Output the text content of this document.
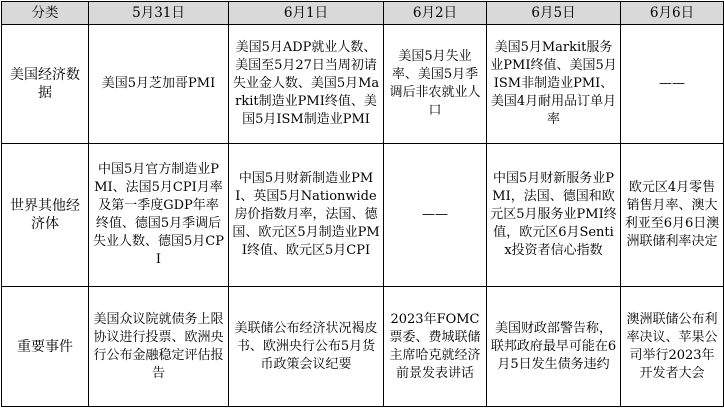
分类	5月31日	6月1日	6月2日	6月5日	6月6日
美国经济数据	美国5月芝加哥PMI	美国5月ADP就业人数、美国至5月27日当周初请失业金人数、美国5月Markit制造业PMI终值、美国5月ISM制造业PMI	美国5月失业率、美国5月季调后非农就业人口	美国5月Markit服务业PMI终值、美国5月ISM非制造业PMI、美国4月耐用品订单月率	——
世界其他经济体	中国5月官方制造业PMI、法国5月CPI月率及第一季度GDP年率终值、德国5月季调后失业人数、德国5月CPI	中国5月财新制造业PMI、英国5月Nationwide房价指数月率，法国、德国、欧元区5月制造业PMI终值、欧元区5月CPI	——	中国5月财新服务业PMI，法国、德国和欧元区5月服务业PMI终值，欧元区6月Sentix投资者信心指数	欧元区4月零售销售月率、澳大利亚至6月6日澳洲联储利率决定
重要事件	美国众议院就债务上限协议进行投票、欧洲央行公布金融稳定评估报告	美联储公布经济状况褐皮书、欧洲央行公布5月货币政策会议纪要	2023年FOMC票委、费城联储主席哈克就经济前景发表讲话	美国财政部警告称，联邦政府最早可能在6月5日发生债务违约	澳洲联储公布利率决议、苹果公司举行2023年开发者大会
